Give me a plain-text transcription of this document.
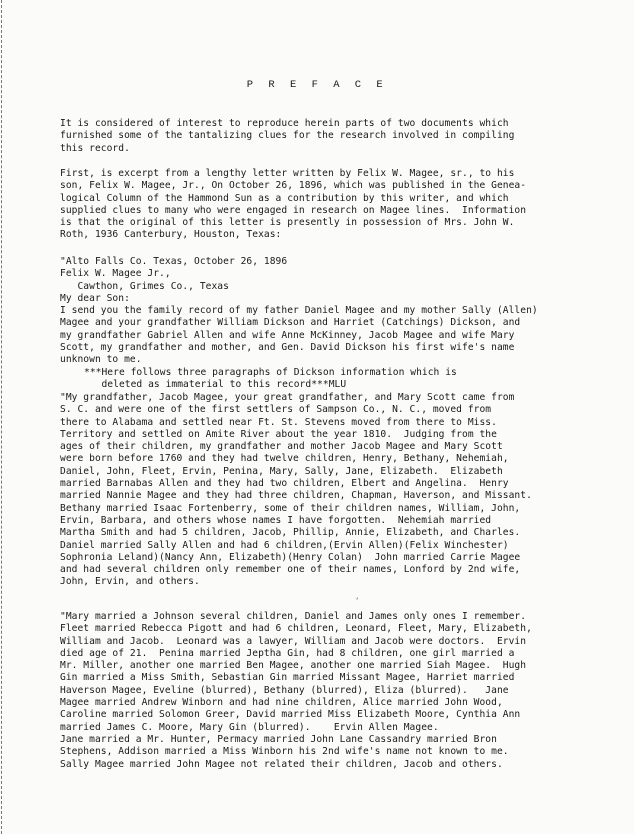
P R E F A C E
It is considered of interest to reproduce herein parts of two documents which
furnished some of the tantalizing clues for the research involved in compiling
this record.
First, is excerpt from a lengthy letter written by Felix W. Magee, sr., to his
son, Felix W. Magee, Jr., On October 26, 1896, which was published in the Genea-
logical Column of the Hammond Sun as a contribution by this writer, and which
supplied clues to many who were engaged in research on Magee lines.  Information
is that the original of this letter is presently in possession of Mrs. John W.
Roth, 1936 Canterbury, Houston, Texas:
"Alto Falls Co. Texas, October 26, 1896
Felix W. Magee Jr.,
Cawthon, Grimes Co., Texas
My dear Son:
I send you the family record of my father Daniel Magee and my mother Sally (Allen)
Magee and your grandfather William Dickson and Harriet (Catchings) Dickson, and
my grandfather Gabriel Allen and wife Anne McKinney, Jacob Magee and wife Mary
Scott, my grandfather and mother, and Gen. David Dickson his first wife's name
unknown to me.
***Here follows three paragraphs of Dickson information which is
deleted as immaterial to this record***MLU
"My grandfather, Jacob Magee, your great grandfather, and Mary Scott came from
S. C. and were one of the first settlers of Sampson Co., N. C., moved from
there to Alabama and settled near Ft. St. Stevens moved from there to Miss.
Territory and settled on Amite River about the year 1810.  Judging from the
ages of their children, my grandfather and mother Jacob Magee and Mary Scott
were born before 1760 and they had twelve children, Henry, Bethany, Nehemiah,
Daniel, John, Fleet, Ervin, Penina, Mary, Sally, Jane, Elizabeth.  Elizabeth
married Barnabas Allen and they had two children, Elbert and Angelina.  Henry
married Nannie Magee and they had three children, Chapman, Haverson, and Missant.
Bethany married Isaac Fortenberry, some of their children names, William, John,
Ervin, Barbara, and others whose names I have forgotten.  Nehemiah married
Martha Smith and had 5 children, Jacob, Phillip, Annie, Elizabeth, and Charles.
Daniel married Sally Allen and had 6 children,(Ervin Allen)(Felix Winchester)
Sophronia Leland)(Nancy Ann, Elizabeth)(Henry Colan)  John married Carrie Magee
and had several children only remember one of their names, Lonford by 2nd wife,
John, Ervin, and others.
‘
"Mary married a Johnson several children, Daniel and James only ones I remember.
Fleet married Rebecca Pigott and had 6 children, Leonard, Fleet, Mary, Elizabeth,
William and Jacob.  Leonard was a lawyer, William and Jacob were doctors.  Ervin
died age of 21.  Penina married Jeptha Gin, had 8 children, one girl married a
Mr. Miller, another one married Ben Magee, another one married Siah Magee.  Hugh
Gin married a Miss Smith, Sebastian Gin married Missant Magee, Harriet married
Haverson Magee, Eveline (blurred), Bethany (blurred), Eliza (blurred).   Jane
Magee married Andrew Winborn and had nine children, Alice married John Wood,
Caroline married Solomon Greer, David married Miss Elizabeth Moore, Cynthia Ann
married James C. Moore, Mary Gin (blurred).    Ervin Allen Magee.
Jane married a Mr. Hunter, Permacy married John Lane Cassandry married Bron
Stephens, Addison married a Miss Winborn his 2nd wife's name not known to me.
Sally Magee married John Magee not related their children, Jacob and others.
